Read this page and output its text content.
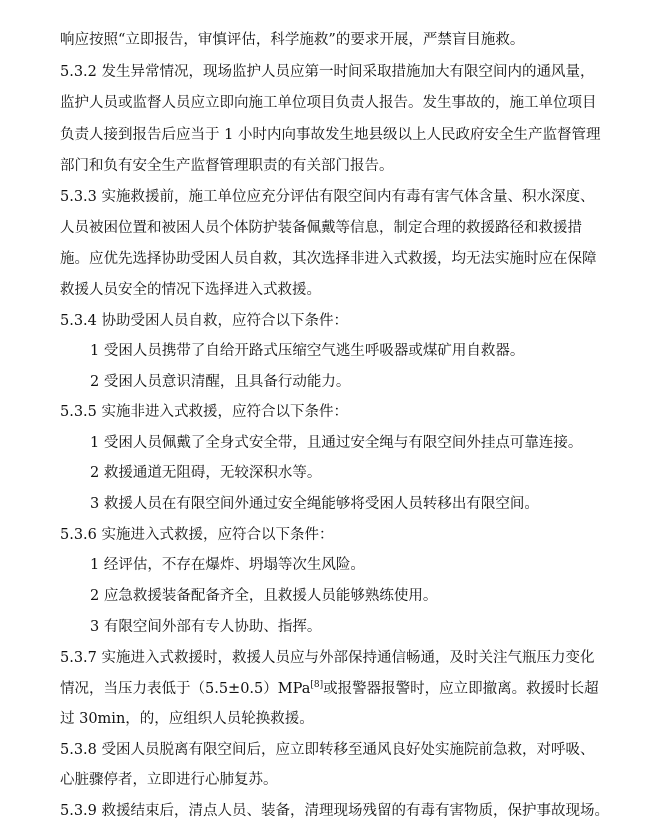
响应按照“立即报告，审慎评估，科学施救”的要求开展，严禁盲目施救。
5.3.2 发生异常情况，现场监护人员应第一时间采取措施加大有限空间内的通风量，
监护人员或监督人员应立即向施工单位项目负责人报告。发生事故的，施工单位项目
负责人接到报告后应当于 1 小时内向事故发生地县级以上人民政府安全生产监督管理
部门和负有安全生产监督管理职责的有关部门报告。
5.3.3 实施救援前，施工单位应充分评估有限空间内有毒有害气体含量、积水深度、
人员被困位置和被困人员个体防护装备佩戴等信息，制定合理的救援路径和救援措
施。应优先选择协助受困人员自救，其次选择非进入式救援，均无法实施时应在保障
救援人员安全的情况下选择进入式救援。
5.3.4 协助受困人员自救，应符合以下条件：
1 受困人员携带了自给开路式压缩空气逃生呼吸器或煤矿用自救器。
2 受困人员意识清醒，且具备行动能力。
5.3.5 实施非进入式救援，应符合以下条件：
1 受困人员佩戴了全身式安全带，且通过安全绳与有限空间外挂点可靠连接。
2 救援通道无阻碍，无较深积水等。
3 救援人员在有限空间外通过安全绳能够将受困人员转移出有限空间。
5.3.6 实施进入式救援，应符合以下条件：
1 经评估，不存在爆炸、坍塌等次生风险。
2 应急救援装备配备齐全，且救援人员能够熟练使用。
3 有限空间外部有专人协助、指挥。
5.3.7 实施进入式救援时，救援人员应与外部保持通信畅通，及时关注气瓶压力变化
情况，当压力表低于（5.5±0.5）MPa[8]或报警器报警时，应立即撤离。救援时长超
过 30min，的，应组织人员轮换救援。
5.3.8 受困人员脱离有限空间后，应立即转移至通风良好处实施院前急救，对呼吸、
心脏骤停者，立即进行心肺复苏。
5.3.9 救援结束后，清点人员、装备，清理现场残留的有毒有害物质，保护事故现场。
